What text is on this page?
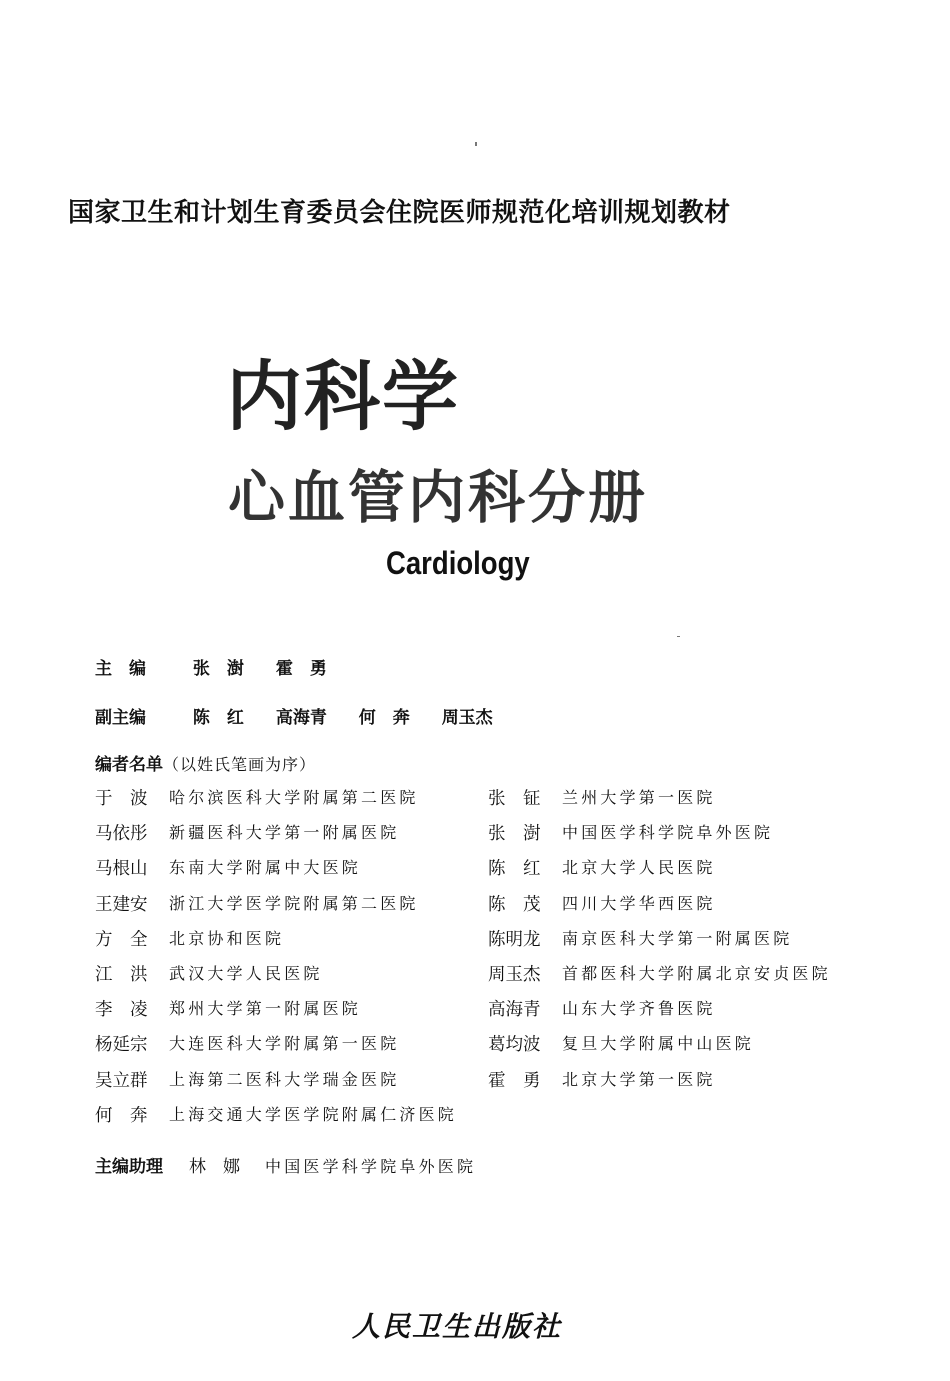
国家卫生和计划生育委员会住院医师规范化培训规划教材
内科学
心血管内科分册
Cardiology
主　编	张　澍 霍　勇
副主编	陈　红 高海青 何　奔 周玉杰
编者名单（以姓氏笔画为序）
于　波	哈尔滨医科大学附属第二医院
马依彤	新疆医科大学第一附属医院
马根山	东南大学附属中大医院
王建安	浙江大学医学院附属第二医院
方　全	北京协和医院
江　洪	武汉大学人民医院
李　凌	郑州大学第一附属医院
杨延宗	大连医科大学附属第一医院
吴立群	上海第二医科大学瑞金医院
何　奔	上海交通大学医学院附属仁济医院
张　钲	兰州大学第一医院
张　澍	中国医学科学院阜外医院
陈　红	北京大学人民医院
陈　茂	四川大学华西医院
陈明龙	南京医科大学第一附属医院
周玉杰	首都医科大学附属北京安贞医院
高海青	山东大学齐鲁医院
葛均波	复旦大学附属中山医院
霍　勇	北京大学第一医院
主编助理 林　娜 中国医学科学院阜外医院
人民卫生出版社
